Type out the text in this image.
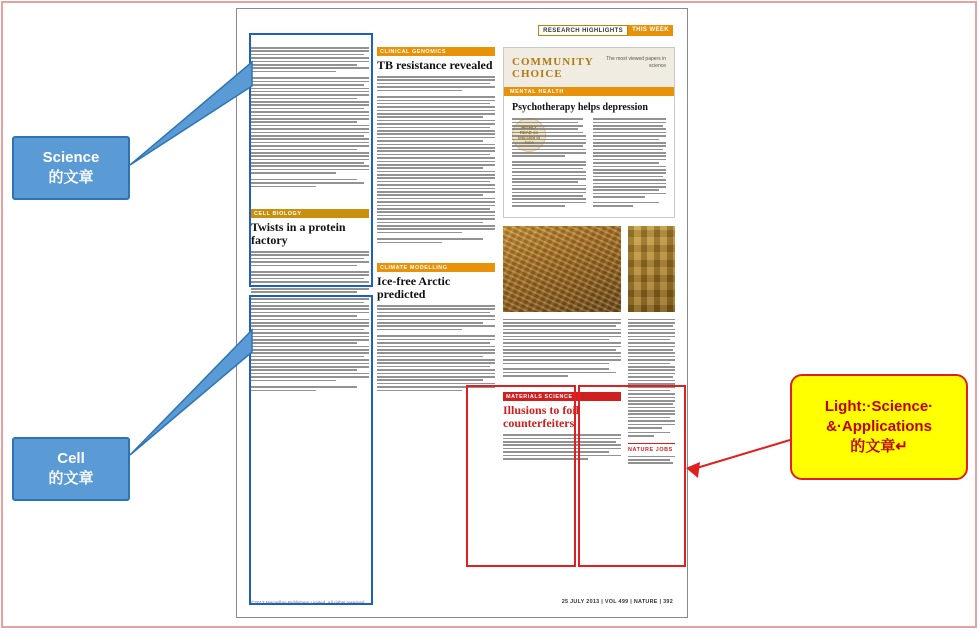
RESEARCH HIGHLIGHTS	THIS WEEK
CELL BIOLOGY
Twists in a protein factory
CLINICAL GENOMICS
TB resistance revealed
CLIMATE MODELLING
Ice-free Arctic predicted
COMMUNITY CHOICE
The most viewed papers in science
MENTAL HEALTH
Psychotherapy helps depression
MATERIALS SCIENCE
Illusions to foil counterfeiters
NATURE JOBS
©2012 Macmillan Publishers Limited. All rights reserved	25 JULY 2013 | VOL 499 | NATURE | 392
Science
的文章
Cell
的文章
Light:·Science·
&·Applications
的文章↵
